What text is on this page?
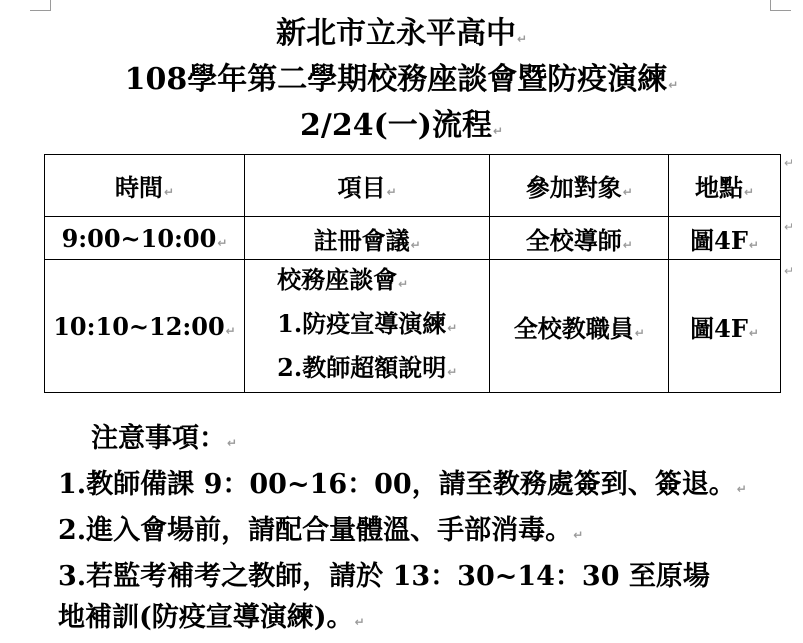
新北市立永平高中↵
108學年第二學期校務座談會暨防疫演練↵
2/24(一)流程↵
時間↵	項目↵	參加對象↵	地點↵
9:00~10:00↵	註冊會議↵	全校導師↵	圖4F↵
10:10~12:00↵	校務座談會↵
1.防疫宣導演練↵
2.教師超額說明↵	全校教職員↵	圖4F↵
↵
↵
↵
注意事項：↵
1.教師備課 9：00~16：00，請至教務處簽到、簽退。↵
2.進入會場前，請配合量體溫、手部消毒。↵
3.若監考補考之教師，請於 13：30~14：30 至原場
地補訓(防疫宣導演練)。↵
